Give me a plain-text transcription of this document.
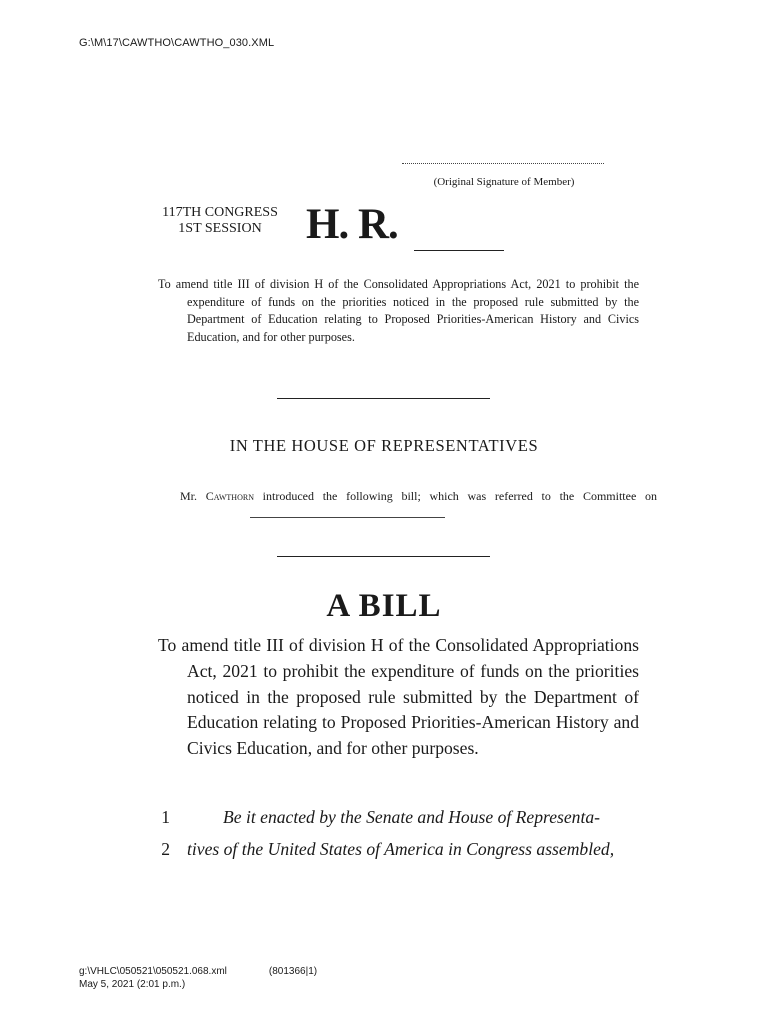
G:\M\17\CAWTHO\CAWTHO_030.XML
(Original Signature of Member)
117TH CONGRESS
1ST SESSION	H. R.
To amend title III of division H of the Consolidated Appropriations Act, 2021 to prohibit the expenditure of funds on the priorities noticed in the proposed rule submitted by the Department of Education relating to Proposed Priorities-American History and Civics Education, and for other purposes.
IN THE HOUSE OF REPRESENTATIVES
Mr. Cawthorn introduced the following bill; which was referred to the Committee on
A BILL
To amend title III of division H of the Consolidated Appropriations Act, 2021 to prohibit the expenditure of funds on the priorities noticed in the proposed rule submitted by the Department of Education relating to Proposed Priorities-American History and Civics Education, and for other purposes.
1	Be it enacted by the Senate and House of Representa-
2 tives of the United States of America in Congress assembled,
g:\VHLC\050521\050521.068.xml	(801366|1)
May 5, 2021 (2:01 p.m.)
